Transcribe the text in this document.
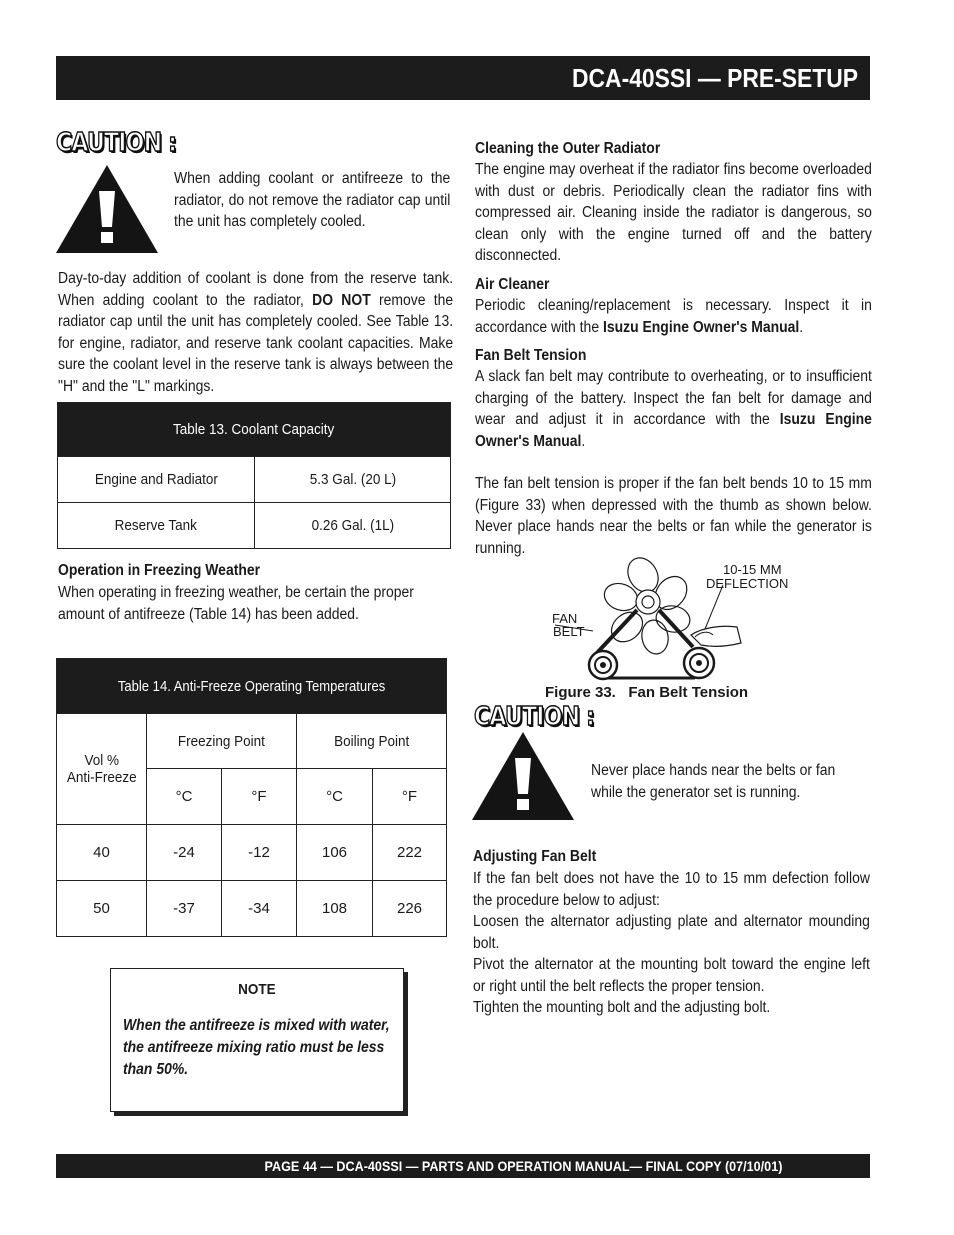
DCA-40SSI — PRE-SETUP
CAUTION :
When adding coolant or antifreeze to the radiator, do not remove the radiator cap until the unit has completely cooled.
Day-to-day addition of coolant is done from the reserve tank. When adding coolant to the radiator, DO NOT remove the radiator cap until the unit has completely cooled. See Table 13. for engine, radiator, and reserve tank coolant capacities. Make sure the coolant level in the reserve tank is always between the "H" and the "L" markings.
Table 13. Coolant Capacity	
Engine and Radiator	5.3 Gal. (20 L)
Reserve Tank	0.26 Gal. (1L)
Operation in Freezing Weather
When operating in freezing weather, be certain the proper amount of antifreeze (Table 14) has been added.
Table 14. Anti-Freeze Operating Temperatures				
Vol %
Anti-Freeze	Freezing Point		Boiling Point	
	°C	°F	°C	°F
40	-24	-12	106	222
50	-37	-34	108	226
NOTE
When the antifreeze is mixed with water, the antifreeze mixing ratio must be less than 50%.
Cleaning the Outer Radiator
The engine may overheat if the radiator fins become overloaded with dust or debris. Periodically clean the radiator fins with compressed air. Cleaning inside the radiator is dangerous, so clean only with the engine turned off and the battery disconnected.
Air Cleaner
Periodic cleaning/replacement is necessary. Inspect it in accordance with the Isuzu Engine Owner's Manual.
Fan Belt Tension
A slack fan belt may contribute to overheating, or to insufficient charging of the battery. Inspect the fan belt for damage and wear and adjust it in accordance with the Isuzu Engine Owner's Manual.
The fan belt tension is proper if the fan belt bends 10 to 15 mm (Figure 33) when depressed with the thumb as shown below. Never place hands near the belts or fan while the generator is running.
10-15 MM
DEFLECTION
FAN
BELT
Figure 33.   Fan Belt Tension
CAUTION :
Never place hands near the belts or fan while the generator set is running.
Adjusting Fan Belt
If the fan belt does not have the 10 to 15 mm defection follow the procedure below to adjust:
Loosen the alternator adjusting plate and alternator mounding bolt.
Pivot the alternator at the mounting bolt toward the engine left or right until the belt reflects the proper tension.
Tighten the mounting bolt and the adjusting bolt.
PAGE 44 — DCA-40SSI — PARTS AND OPERATION MANUAL— FINAL COPY (07/10/01)
